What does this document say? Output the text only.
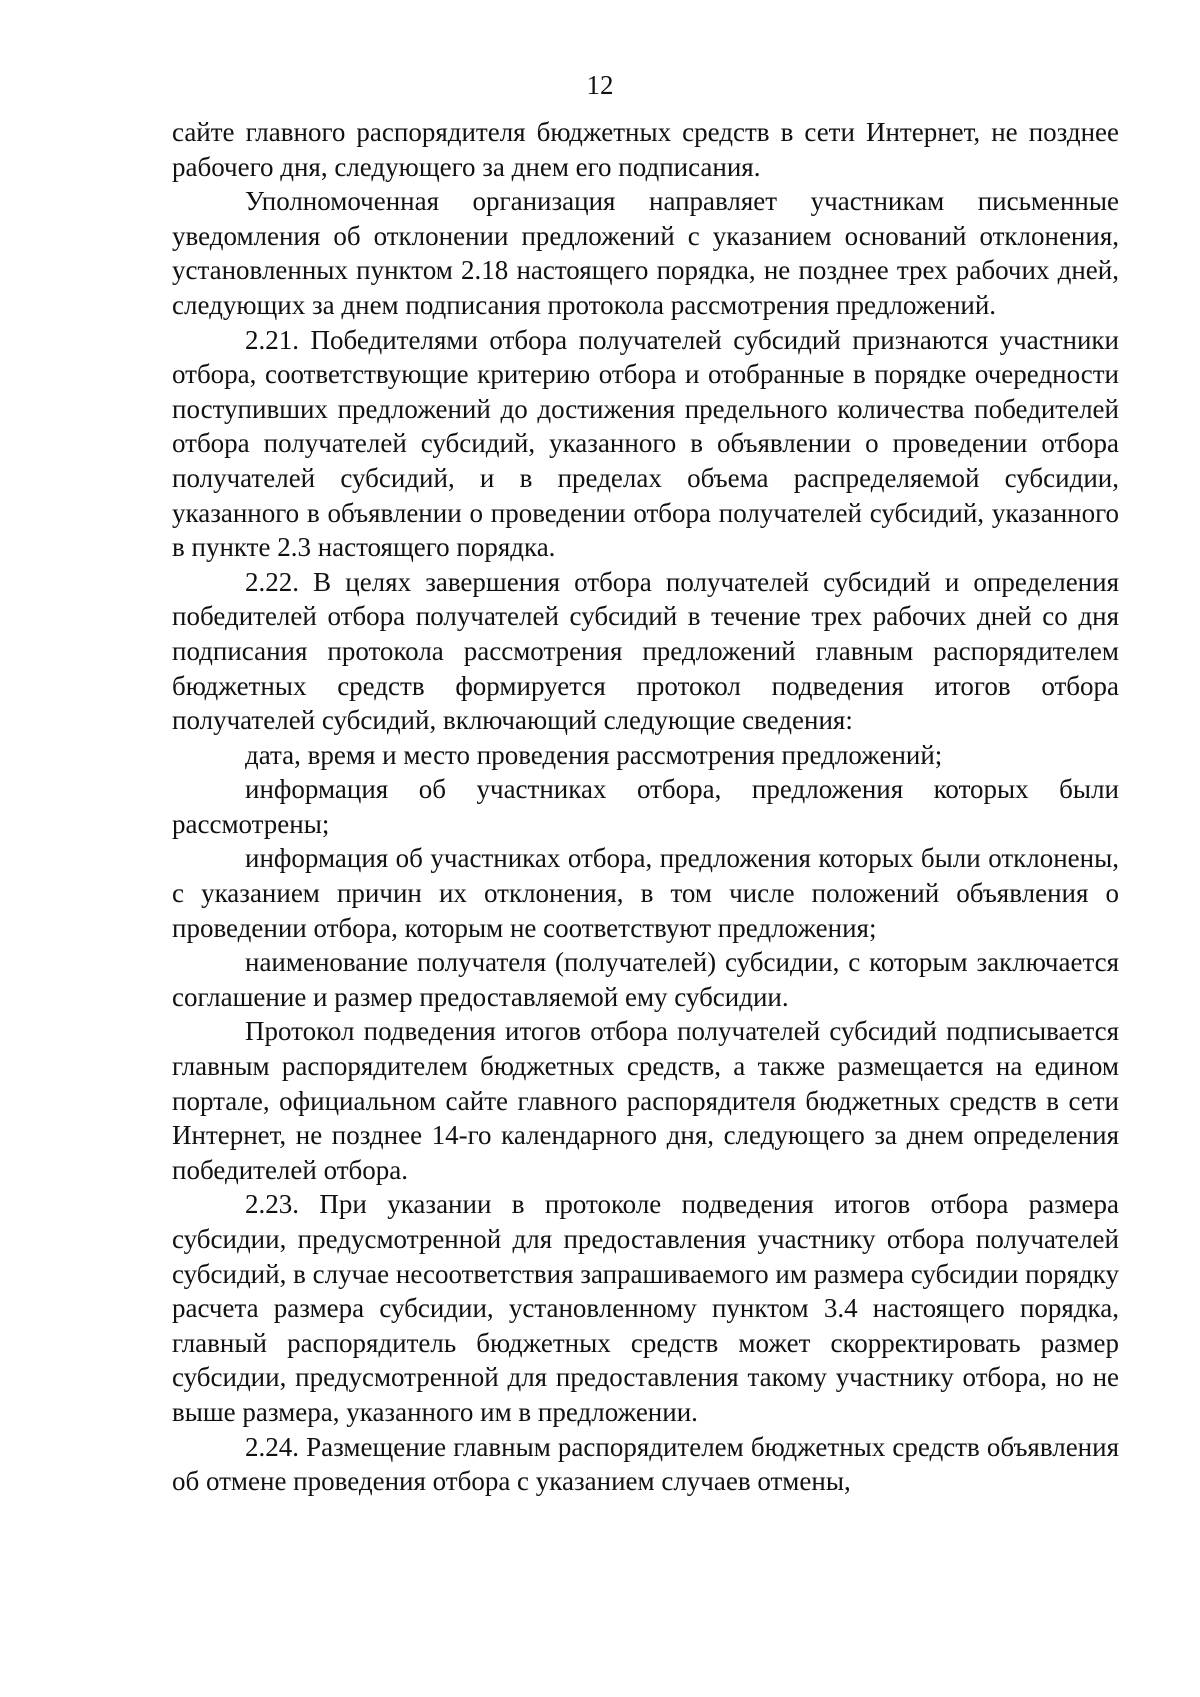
12

сайте главного распорядителя бюджетных средств в сети Интернет, не позднее рабочего дня, следующего за днем его подписания.

Уполномоченная организация направляет участникам письменные уведомления об отклонении предложений с указанием оснований отклонения, установленных пунктом 2.18 настоящего порядка, не позднее трех рабочих дней, следующих за днем подписания протокола рассмотрения предложений.

2.21. Победителями отбора получателей субсидий признаются участники отбора, соответствующие критерию отбора и отобранные в порядке очередности поступивших предложений до достижения предельного количества победителей отбора получателей субсидий, указанного в объявлении о проведении отбора получателей субсидий, и в пределах объема распределяемой субсидии, указанного в объявлении о проведении отбора получателей субсидий, указанного в пункте 2.3 настоящего порядка.

2.22. В целях завершения отбора получателей субсидий и определения победителей отбора получателей субсидий в течение трех рабочих дней со дня подписания протокола рассмотрения предложений главным распорядителем бюджетных средств формируется протокол подведения итогов отбора получателей субсидий, включающий следующие сведения:

дата, время и место проведения рассмотрения предложений;

информация об участниках отбора, предложения которых были рассмотрены;

информация об участниках отбора, предложения которых были отклонены, с указанием причин их отклонения, в том числе положений объявления о проведении отбора, которым не соответствуют предложения;

наименование получателя (получателей) субсидии, с которым заключается соглашение и размер предоставляемой ему субсидии.

Протокол подведения итогов отбора получателей субсидий подписывается главным распорядителем бюджетных средств, а также размещается на едином портале, официальном сайте главного распорядителя бюджетных средств в сети Интернет, не позднее 14-го календарного дня, следующего за днем определения победителей отбора.

2.23. При указании в протоколе подведения итогов отбора размера субсидии, предусмотренной для предоставления участнику отбора получателей субсидий, в случае несоответствия запрашиваемого им размера субсидии порядку расчета размера субсидии, установленному пунктом 3.4 настоящего порядка, главный распорядитель бюджетных средств может скорректировать размер субсидии, предусмотренной для предоставления такому участнику отбора, но не выше размера, указанного им в предложении.

2.24. Размещение главным распорядителем бюджетных средств объявления об отмене проведения отбора с указанием случаев отмены,
